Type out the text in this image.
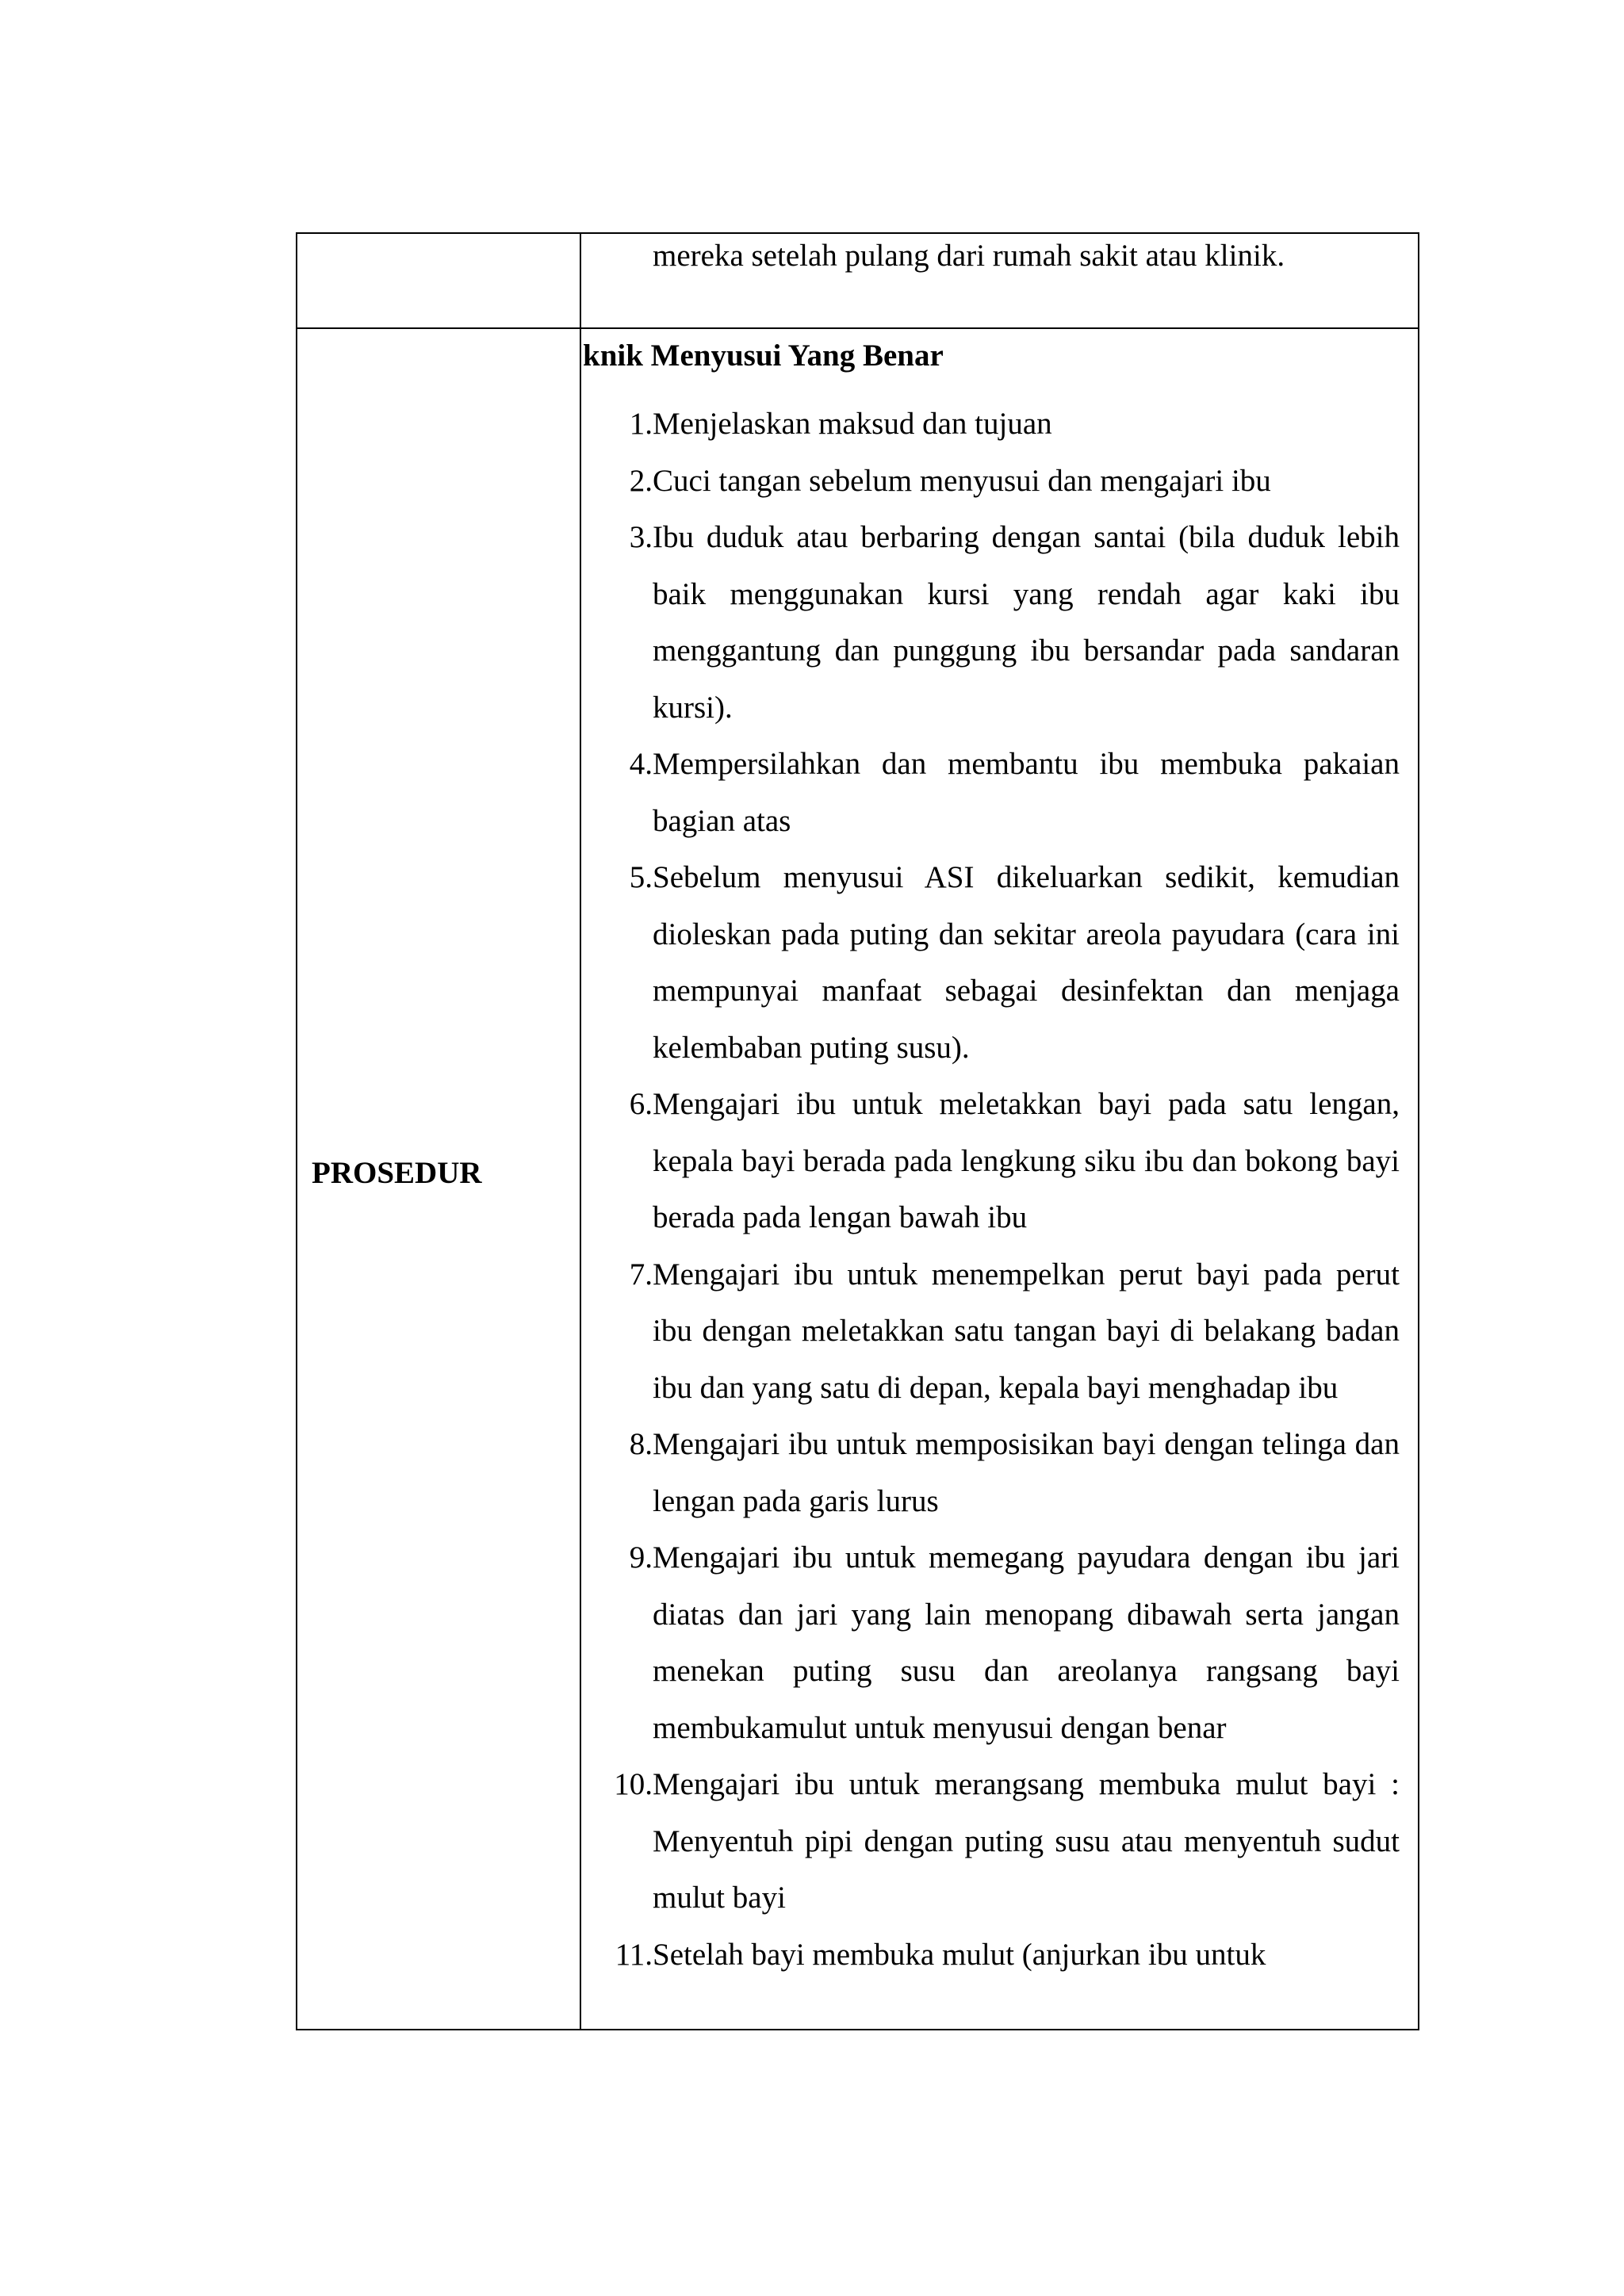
mereka setelah pulang dari rumah sakit atau klinik.
PROSEDUR
knik Menyusui Yang Benar
1. Menjelaskan maksud dan tujuan
2. Cuci tangan sebelum menyusui dan mengajari ibu
3. Ibu duduk atau berbaring dengan santai (bila duduk lebih baik menggunakan kursi yang rendah agar kaki ibu menggantung dan punggung ibu bersandar pada sandaran kursi).
4. Mempersilahkan dan membantu ibu membuka pakaian bagian atas
5. Sebelum menyusui ASI dikeluarkan sedikit, kemudian dioleskan pada puting dan sekitar areola payudara (cara ini mempunyai manfaat sebagai desinfektan dan menjaga kelembaban puting susu).
6. Mengajari ibu untuk meletakkan bayi pada satu lengan, kepala bayi berada pada lengkung siku ibu dan bokong bayi berada pada lengan bawah ibu
7. Mengajari ibu untuk menempelkan perut bayi pada perut ibu dengan meletakkan satu tangan bayi di belakang badan ibu dan yang satu di depan, kepala bayi menghadap ibu
8. Mengajari ibu untuk memposisikan bayi dengan telinga dan lengan pada garis lurus
9. Mengajari ibu untuk memegang payudara dengan ibu jari diatas dan jari yang lain menopang dibawah serta jangan menekan puting susu dan areolanya rangsang bayi membukamulut untuk menyusui dengan benar
10. Mengajari ibu untuk merangsang membuka mulut bayi : Menyentuh pipi dengan puting susu atau menyentuh sudut mulut bayi
11. Setelah bayi membuka mulut (anjurkan ibu untuk
